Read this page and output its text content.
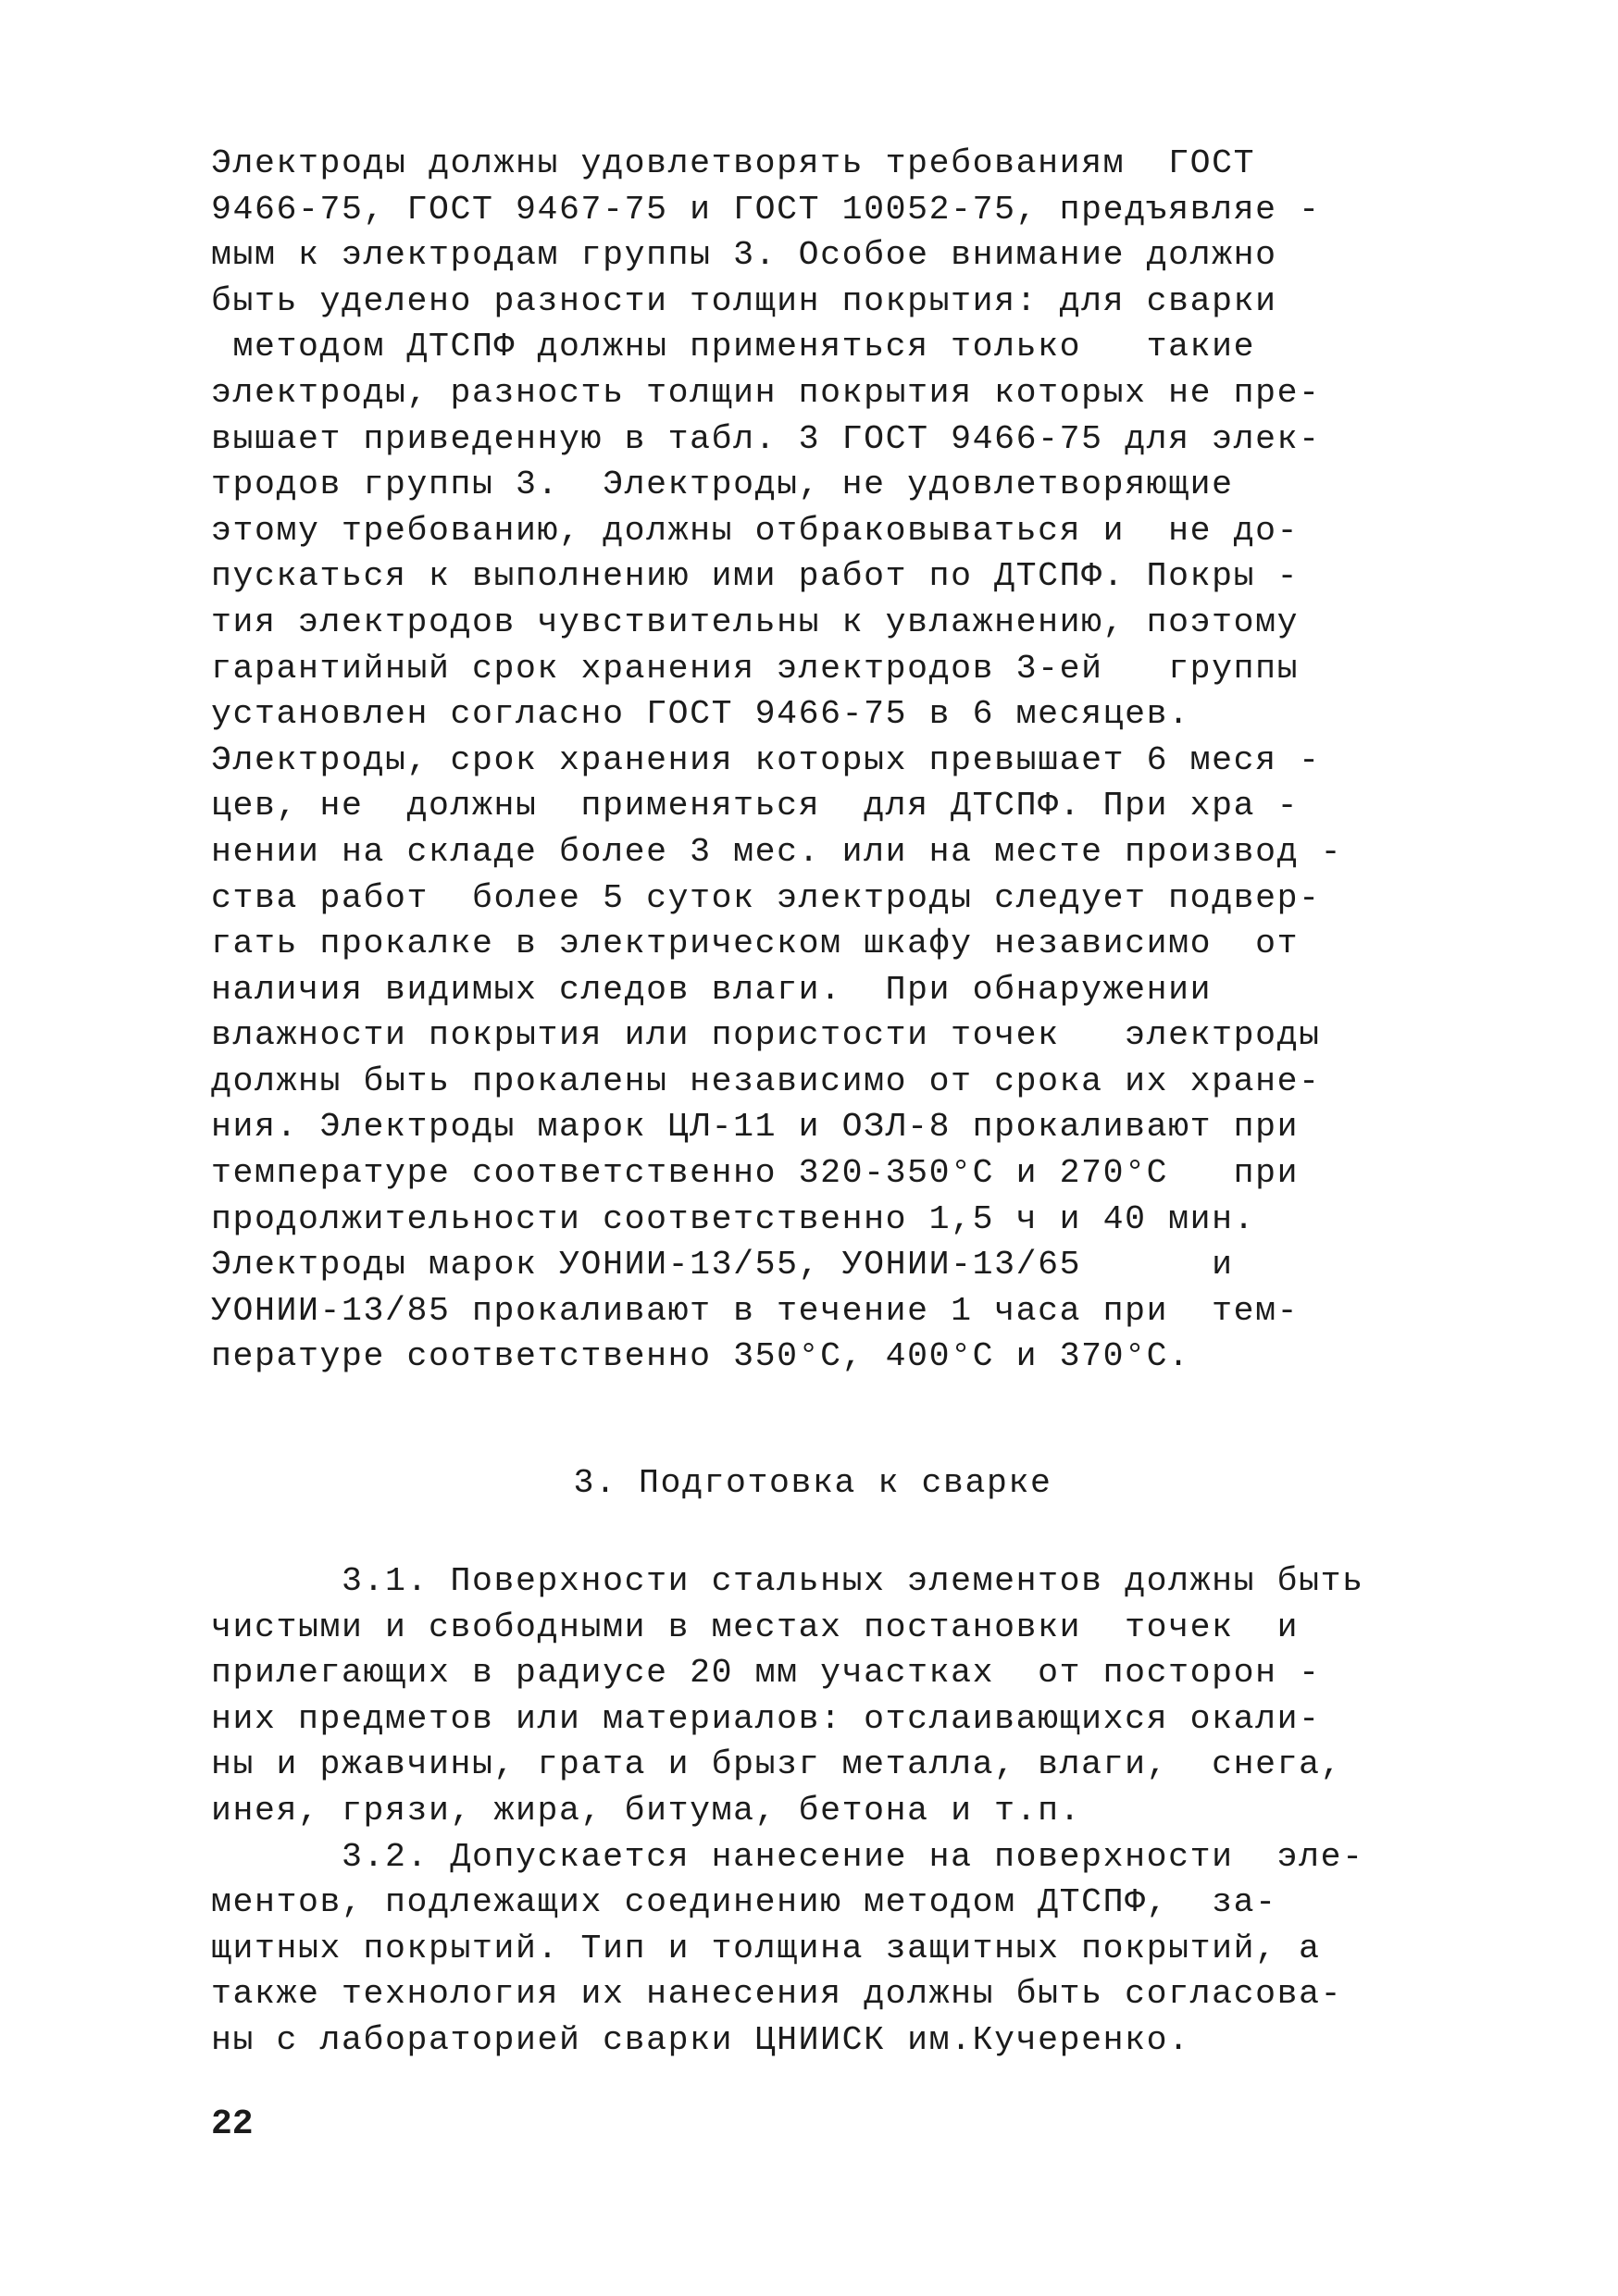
Электроды должны удовлетворять требованиям  ГОСТ
9466-75, ГОСТ 9467-75 и ГОСТ 10052-75, предъявляе -
мым к электродам группы 3. Особое внимание должно
быть уделено разности толщин покрытия: для сварки
методом ДТСПФ должны применяться только   такие
электроды, разность толщин покрытия которых не пре-
вышает приведенную в табл. 3 ГОСТ 9466-75 для элек-
тродов группы 3.  Электроды, не удовлетворяющие
этому требованию, должны отбраковываться и  не до-
пускаться к выполнению ими работ по ДТСПФ. Покры -
тия электродов чувствительны к увлажнению, поэтому
гарантийный срок хранения электродов 3-ей   группы
установлен согласно ГОСТ 9466-75 в 6 месяцев.
Электроды, срок хранения которых превышает 6 меся -
цев, не  должны  применяться  для ДТСПФ. При хра -
нении на складе более 3 мес. или на месте производ -
ства работ  более 5 суток электроды следует подвер-
гать прокалке в электрическом шкафу независимо  от
наличия видимых следов влаги.  При обнаружении
влажности покрытия или пористости точек   электроды
должны быть прокалены независимо от срока их хране-
ния. Электроды марок ЦЛ-11 и ОЗЛ-8 прокаливают при
температуре соответственно 320-350°С и 270°С   при
продолжительности соответственно 1,5 ч и 40 мин.
Электроды марок УОНИИ-13/55, УОНИИ-13/65      и
УОНИИ-13/85 прокаливают в течение 1 часа при  тем-
пературе соответственно 350°С, 400°С и 370°С.
3. Подготовка к сварке
3.1. Поверхности стальных элементов должны быть
чистыми и свободными в местах постановки  точек  и
прилегающих в радиусе 20 мм участках  от посторон -
них предметов или материалов: отслаивающихся окали-
ны и ржавчины, грата и брызг металла, влаги,  снега,
инея, грязи, жира, битума, бетона и т.п.
3.2. Допускается нанесение на поверхности  эле-
ментов, подлежащих соединению методом ДТСПФ,  за-
щитных покрытий. Тип и толщина защитных покрытий, а
также технология их нанесения должны быть согласова-
ны с лабораторией сварки ЦНИИСК им.Кучеренко.
22
